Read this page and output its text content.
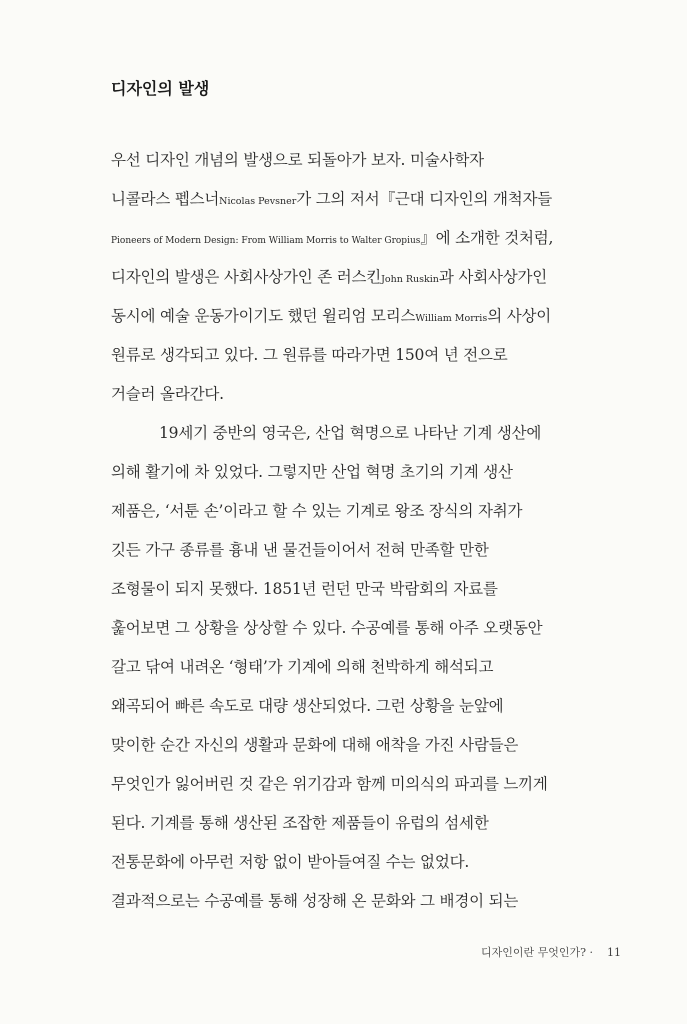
디자인의 발생
우선 디자인 개념의 발생으로 되돌아가 보자. 미술사학자
니콜라스 펩스너Nicolas Pevsner가 그의 저서『근대 디자인의 개척자들
Pioneers of Modern Design: From William Morris to Walter Gropius』에 소개한 것처럼,
디자인의 발생은 사회사상가인 존 러스킨John Ruskin과 사회사상가인
동시에 예술 운동가이기도 했던 윌리엄 모리스William Morris의 사상이
원류로 생각되고 있다. 그 원류를 따라가면 150여 년 전으로
거슬러 올라간다.
19세기 중반의 영국은, 산업 혁명으로 나타난 기계 생산에
의해 활기에 차 있었다. 그렇지만 산업 혁명 초기의 기계 생산
제품은, ‘서툰 손’이라고 할 수 있는 기계로 왕조 장식의 자취가
깃든 가구 종류를 흉내 낸 물건들이어서 전혀 만족할 만한
조형물이 되지 못했다. 1851년 런던 만국 박람회의 자료를
훑어보면 그 상황을 상상할 수 있다. 수공예를 통해 아주 오랫동안
갈고 닦여 내려온 ‘형태’가 기계에 의해 천박하게 해석되고
왜곡되어 빠른 속도로 대량 생산되었다. 그런 상황을 눈앞에
맞이한 순간 자신의 생활과 문화에 대해 애착을 가진 사람들은
무엇인가 잃어버린 것 같은 위기감과 함께 미의식의 파괴를 느끼게
된다. 기계를 통해 생산된 조잡한 제품들이 유럽의 섬세한
전통문화에 아무런 저항 없이 받아들여질 수는 없었다.
결과적으로는 수공예를 통해 성장해 온 문화와 그 배경이 되는
디자인이란 무엇인가? · 11
